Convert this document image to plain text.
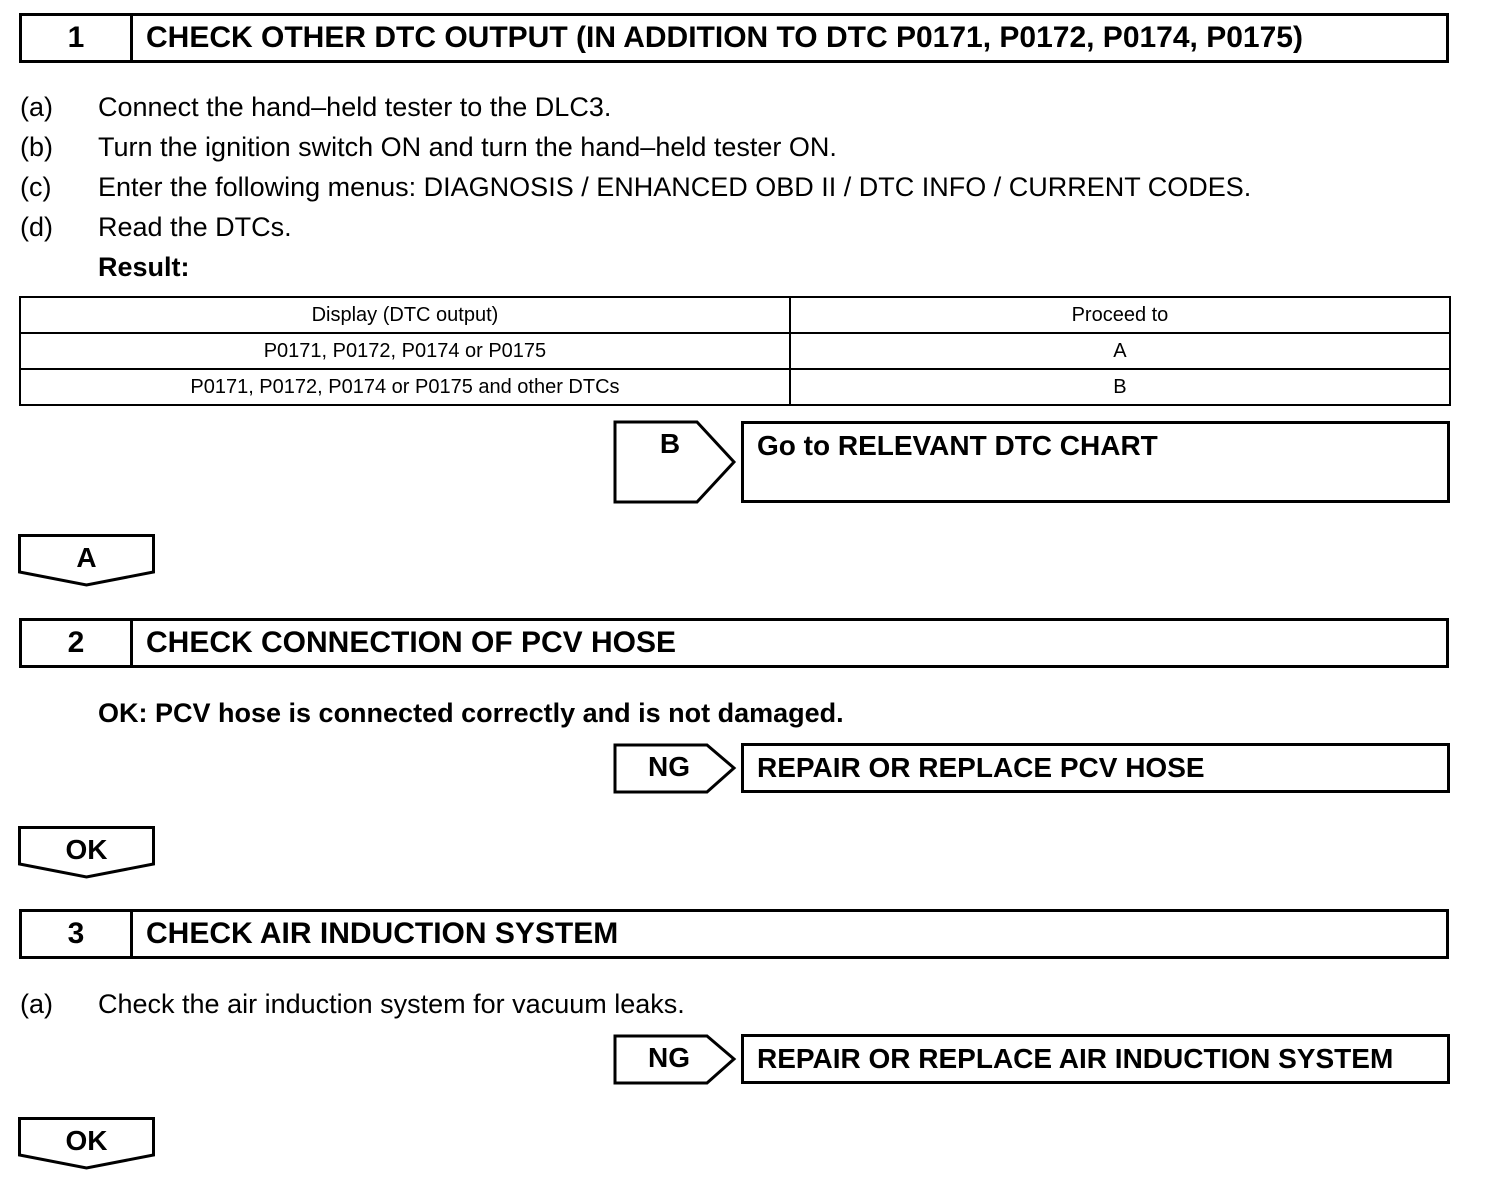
1	CHECK OTHER DTC OUTPUT (IN ADDITION TO DTC P0171, P0172, P0174, P0175)
(a) Connect the hand–held tester to the DLC3.
(b) Turn the ignition switch ON and turn the hand–held tester ON.
(c) Enter the following menus: DIAGNOSIS / ENHANCED OBD II / DTC INFO / CURRENT CODES.
(d) Read the DTCs.
Result:
Display (DTC output)	Proceed to
P0171, P0172, P0174 or P0175	A
P0171, P0172, P0174 or P0175 and other DTCs	B
B	Go to RELEVANT DTC CHART
A
2	CHECK CONNECTION OF PCV HOSE
OK: PCV hose is connected correctly and is not damaged.
NG	REPAIR OR REPLACE PCV HOSE
OK
3	CHECK AIR INDUCTION SYSTEM
(a) Check the air induction system for vacuum leaks.
NG	REPAIR OR REPLACE AIR INDUCTION SYSTEM
OK
